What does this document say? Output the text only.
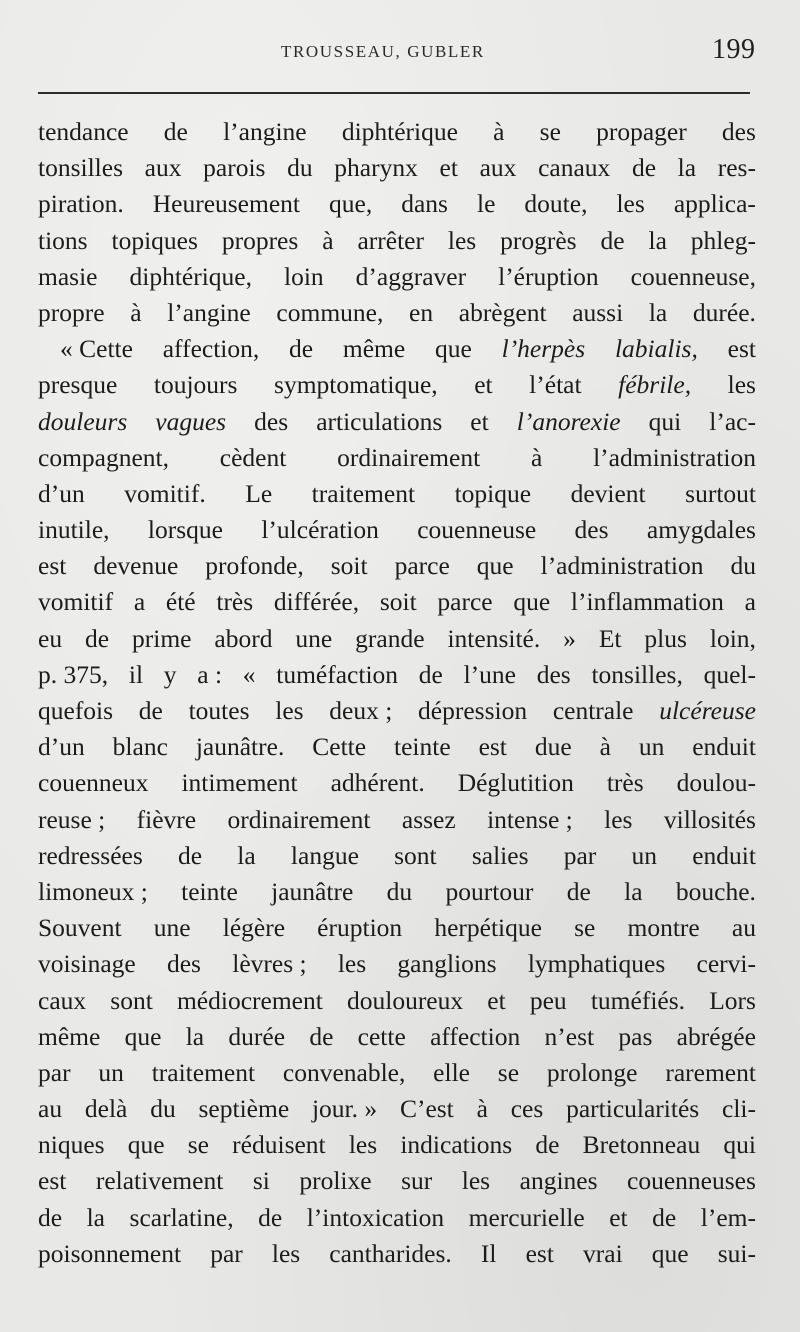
TROUSSEAU, GUBLER	199
tendance de l’angine diphtérique à se propager des
tonsilles aux parois du pharynx et aux canaux de la res-
piration. Heureusement que, dans le doute, les applica-
tions topiques propres à arrêter les progrès de la phleg-
masie diphtérique, loin d’aggraver l’éruption couenneuse,
propre à l’angine commune, en abrègent aussi la durée.
« Cette affection, de même que l’herpès labialis, est
presque toujours symptomatique, et l’état fébrile, les
douleurs vagues des articulations et l’anorexie qui l’ac-
compagnent, cèdent ordinairement à l’administration
d’un vomitif. Le traitement topique devient surtout
inutile, lorsque l’ulcération couenneuse des amygdales
est devenue profonde, soit parce que l’administration du
vomitif a été très différée, soit parce que l’inflammation a
eu de prime abord une grande intensité. » Et plus loin,
p. 375, il y a : « tuméfaction de l’une des tonsilles, quel-
quefois de toutes les deux ; dépression centrale ulcéreuse
d’un blanc jaunâtre. Cette teinte est due à un enduit
couenneux intimement adhérent. Déglutition très doulou-
reuse ; fièvre ordinairement assez intense ; les villosités
redressées de la langue sont salies par un enduit
limoneux ; teinte jaunâtre du pourtour de la bouche.
Souvent une légère éruption herpétique se montre au
voisinage des lèvres ; les ganglions lymphatiques cervi-
caux sont médiocrement douloureux et peu tuméfiés. Lors
même que la durée de cette affection n’est pas abrégée
par un traitement convenable, elle se prolonge rarement
au delà du septième jour. » C’est à ces particularités cli-
niques que se réduisent les indications de Bretonneau qui
est relativement si prolixe sur les angines couenneuses
de la scarlatine, de l’intoxication mercurielle et de l’em-
poisonnement par les cantharides. Il est vrai que sui-
